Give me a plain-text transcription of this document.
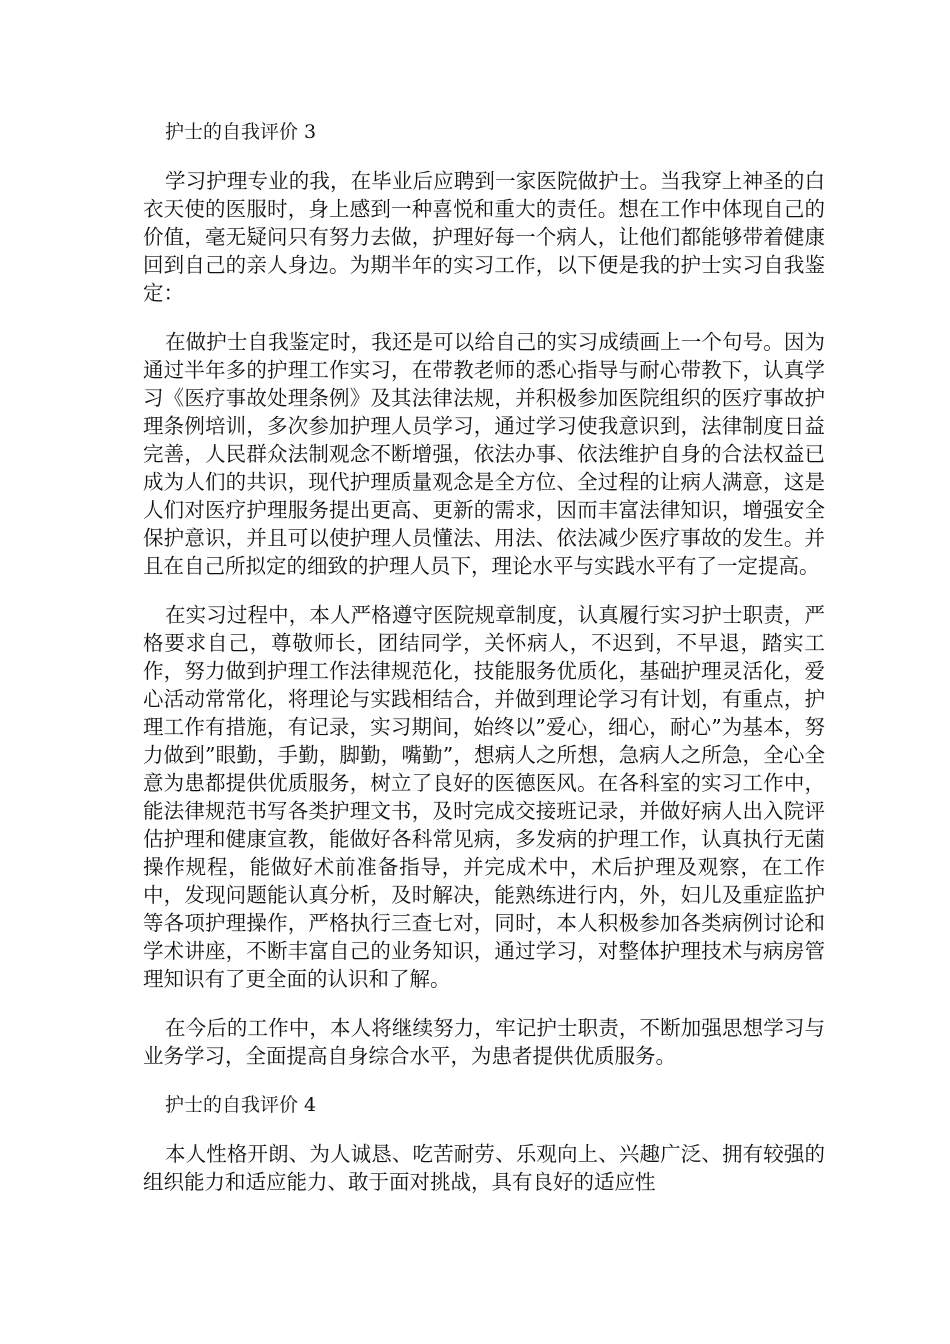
护士的自我评价 3

学习护理专业的我，在毕业后应聘到一家医院做护士。当我穿上神圣的白衣天使的医服时，身上感到一种喜悦和重大的责任。想在工作中体现自己的价值，毫无疑问只有努力去做，护理好每一个病人，让他们都能够带着健康回到自己的亲人身边。为期半年的实习工作，以下便是我的护士实习自我鉴定：

在做护士自我鉴定时，我还是可以给自己的实习成绩画上一个句号。因为通过半年多的护理工作实习，在带教老师的悉心指导与耐心带教下，认真学习《医疗事故处理条例》及其法律法规，并积极参加医院组织的医疗事故护理条例培训，多次参加护理人员学习，通过学习使我意识到，法律制度日益完善，人民群众法制观念不断增强，依法办事、依法维护自身的合法权益已成为人们的共识，现代护理质量观念是全方位、全过程的让病人满意，这是人们对医疗护理服务提出更高、更新的需求，因而丰富法律知识，增强安全保护意识，并且可以使护理人员懂法、用法、依法减少医疗事故的发生。并且在自己所拟定的细致的护理人员下，理论水平与实践水平有了一定提高。

在实习过程中，本人严格遵守医院规章制度，认真履行实习护士职责，严格要求自己，尊敬师长，团结同学，关怀病人，不迟到，不早退，踏实工作，努力做到护理工作法律规范化，技能服务优质化，基础护理灵活化，爱心活动常常化，将理论与实践相结合，并做到理论学习有计划，有重点，护理工作有措施，有记录，实习期间，始终以”爱心，细心，耐心”为基本，努力做到”眼勤，手勤，脚勤，嘴勤”，想病人之所想，急病人之所急，全心全意为患都提供优质服务，树立了良好的医德医风。在各科室的实习工作中，能法律规范书写各类护理文书，及时完成交接班记录，并做好病人出入院评估护理和健康宣教，能做好各科常见病，多发病的护理工作，认真执行无菌操作规程，能做好术前准备指导，并完成术中，术后护理及观察，在工作中，发现问题能认真分析，及时解决，能熟练进行内，外，妇儿及重症监护等各项护理操作，严格执行三查七对，同时，本人积极参加各类病例讨论和学术讲座，不断丰富自己的业务知识，通过学习，对整体护理技术与病房管理知识有了更全面的认识和了解。

在今后的工作中，本人将继续努力，牢记护士职责，不断加强思想学习与业务学习，全面提高自身综合水平，为患者提供优质服务。

护士的自我评价 4

本人性格开朗、为人诚恳、吃苦耐劳、乐观向上、兴趣广泛、拥有较强的组织能力和适应能力、敢于面对挑战，具有良好的适应性
